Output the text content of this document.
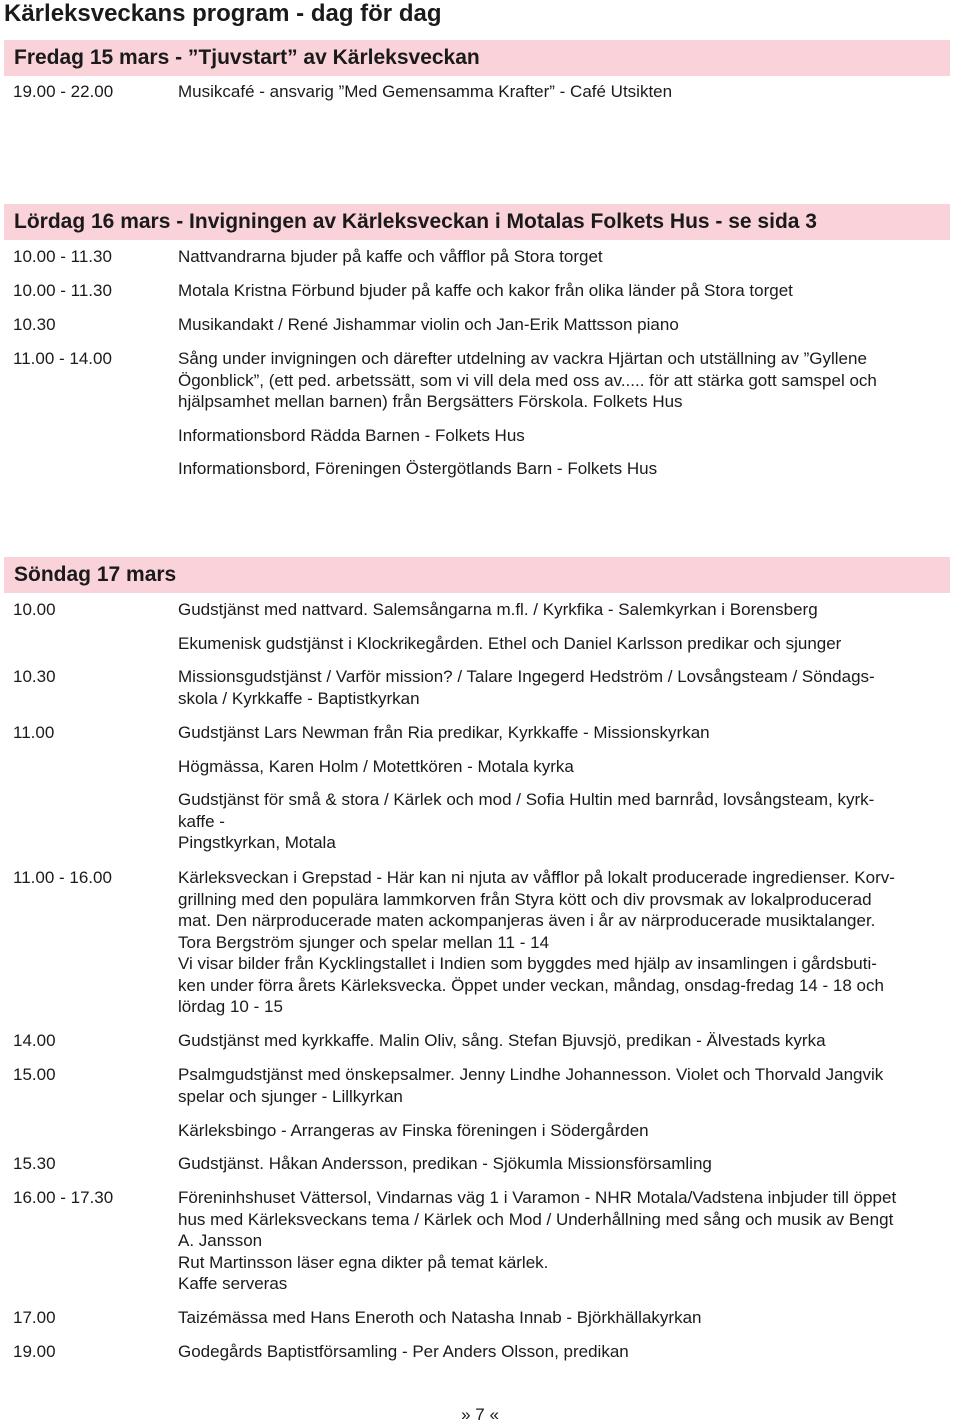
Kärleksveckans program - dag för dag
Fredag 15 mars - ”Tjuvstart” av Kärleksveckan
Lördag 16 mars - Invigningen av Kärleksveckan i Motalas Folkets Hus - se sida 3
Söndag 17 mars
19.00 - 22.00	Musikcafé - ansvarig ”Med Gemensamma Krafter” - Café Utsikten
10.00 - 11.30	Nattvandrarna bjuder på kaffe och våfflor på Stora torget
10.00 - 11.30	Motala Kristna Förbund bjuder på kaffe och kakor från olika länder på Stora torget
10.30	Musikandakt / René Jishammar violin och Jan-Erik Mattsson piano
11.00 - 14.00	Sång under invigningen och därefter utdelning av vackra Hjärtan och utställning av ”Gyllene
Ögonblick”, (ett ped. arbetssätt, som vi vill dela med oss av..... för att stärka gott samspel och
hjälpsamhet mellan barnen) från Bergsätters Förskola. Folkets Hus
Informationsbord Rädda Barnen - Folkets Hus
Informationsbord, Föreningen Östergötlands Barn - Folkets Hus
10.00	Gudstjänst med nattvard. Salemsångarna m.fl. / Kyrkfika - Salemkyrkan i Borensberg
Ekumenisk gudstjänst i Klockrikegården. Ethel och Daniel Karlsson predikar och sjunger
10.30	Missionsgudstjänst / Varför mission? / Talare Ingegerd Hedström / Lovsångsteam / Söndags-
skola / Kyrkkaffe - Baptistkyrkan
11.00	Gudstjänst Lars Newman från Ria predikar, Kyrkkaffe - Missionskyrkan
Högmässa, Karen Holm / Motettkören - Motala kyrka
Gudstjänst för små & stora / Kärlek och mod / Sofia Hultin med barnråd, lovsångsteam, kyrk-
kaffe -
Pingstkyrkan, Motala
11.00 - 16.00	Kärleksveckan i Grepstad - Här kan ni njuta av våfflor på lokalt producerade ingredienser. Korv-
grillning med den populära lammkorven från Styra kött och div provsmak av lokalproducerad
mat. Den närproducerade maten ackompanjeras även i år av närproducerade musiktalanger.
Tora Bergström sjunger och spelar mellan 11 - 14
Vi visar bilder från Kycklingstallet i Indien som byggdes med hjälp av insamlingen i gårdsbuti-
ken under förra årets Kärleksvecka. Öppet under veckan, måndag, onsdag-fredag 14 - 18 och
lördag 10 - 15
14.00	Gudstjänst med kyrkkaffe. Malin Oliv, sång. Stefan Bjuvsjö, predikan - Älvestads kyrka
15.00	Psalmgudstjänst med önskepsalmer. Jenny Lindhe Johannesson. Violet och Thorvald Jangvik
spelar och sjunger - Lillkyrkan
Kärleksbingo - Arrangeras av Finska föreningen i Södergården
15.30	Gudstjänst. Håkan Andersson, predikan - Sjökumla Missionsförsamling
16.00 - 17.30	Föreninhshuset Vättersol, Vindarnas väg 1 i Varamon - NHR Motala/Vadstena inbjuder till öppet
hus med Kärleksveckans tema / Kärlek och Mod / Underhållning med sång och musik av Bengt
A. Jansson
Rut Martinsson läser egna dikter på temat kärlek.
Kaffe serveras
17.00	Taizémässa med Hans Eneroth och Natasha Innab - Björkhällakyrkan
19.00	Godegårds Baptistförsamling - Per Anders Olsson, predikan
» 7 «
